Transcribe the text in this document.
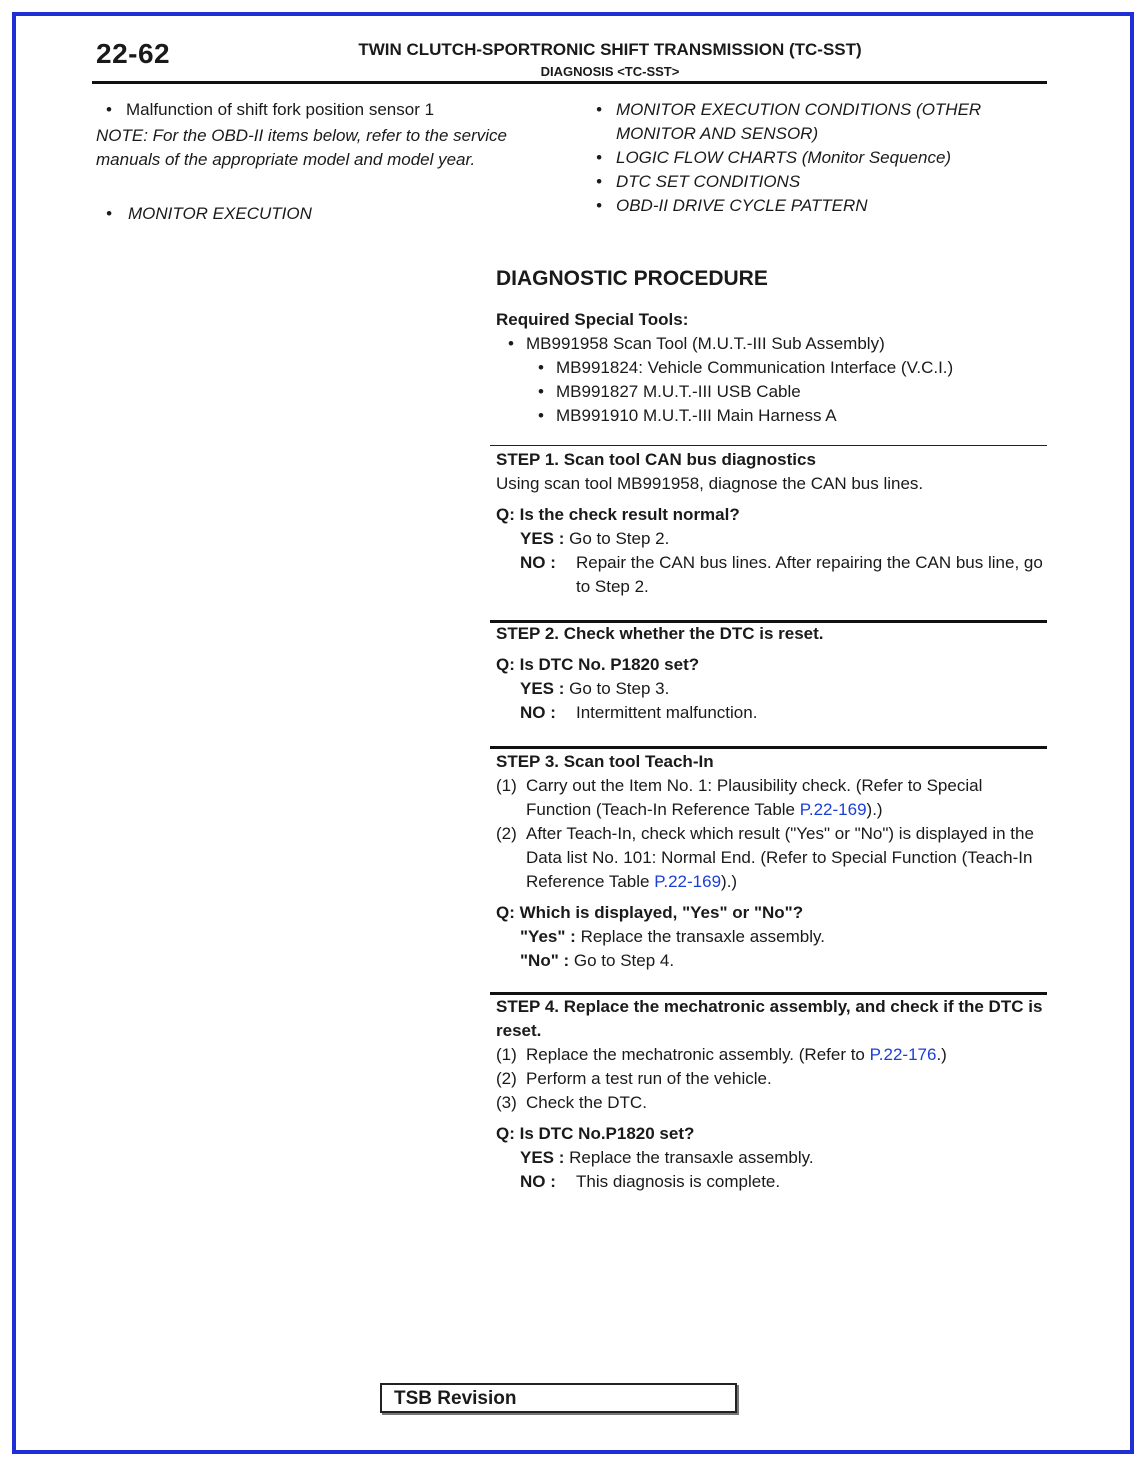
22-62	TWIN CLUTCH-SPORTRONIC SHIFT TRANSMISSION (TC-SST)
DIAGNOSIS <TC-SST>
• Malfunction of shift fork position sensor 1
NOTE: For the OBD-II items below, refer to the service manuals of the appropriate model and model year.
• MONITOR EXECUTION
• MONITOR EXECUTION CONDITIONS (OTHER MONITOR AND SENSOR)
• LOGIC FLOW CHARTS (Monitor Sequence)
• DTC SET CONDITIONS
• OBD-II DRIVE CYCLE PATTERN
DIAGNOSTIC PROCEDURE
Required Special Tools:
• MB991958 Scan Tool (M.U.T.-III Sub Assembly)
• MB991824: Vehicle Communication Interface (V.C.I.)
• MB991827 M.U.T.-III USB Cable
• MB991910 M.U.T.-III Main Harness A
STEP 1. Scan tool CAN bus diagnostics
Using scan tool MB991958, diagnose the CAN bus lines.
Q: Is the check result normal?
YES :
Go to Step 2.
NO :	Repair the CAN bus lines. After repairing the CAN bus line, go to Step 2.
STEP 2. Check whether the DTC is reset.
Q: Is DTC No. P1820 set?
YES :
Go to Step 3.
NO :	Intermittent malfunction.
STEP 3. Scan tool Teach-In
(1) Carry out the Item No. 1: Plausibility check. (Refer to Special Function (Teach-In Reference Table P.22-169).)
(2) After Teach-In, check which result ("Yes" or "No") is displayed in the Data list No. 101: Normal End. (Refer to Special Function (Teach-In Reference Table P.22-169).)
Q: Which is displayed, "Yes" or "No"?
"Yes" :
Replace the transaxle assembly.
"No" :
Go to Step 4.
STEP 4. Replace the mechatronic assembly, and check if the DTC is reset.
(1) Replace the mechatronic assembly. (Refer to P.22-176.)
(2) Perform a test run of the vehicle.
(3) Check the DTC.
Q: Is DTC No.P1820 set?
YES :
Replace the transaxle assembly.
NO :	This diagnosis is complete.
TSB Revision
